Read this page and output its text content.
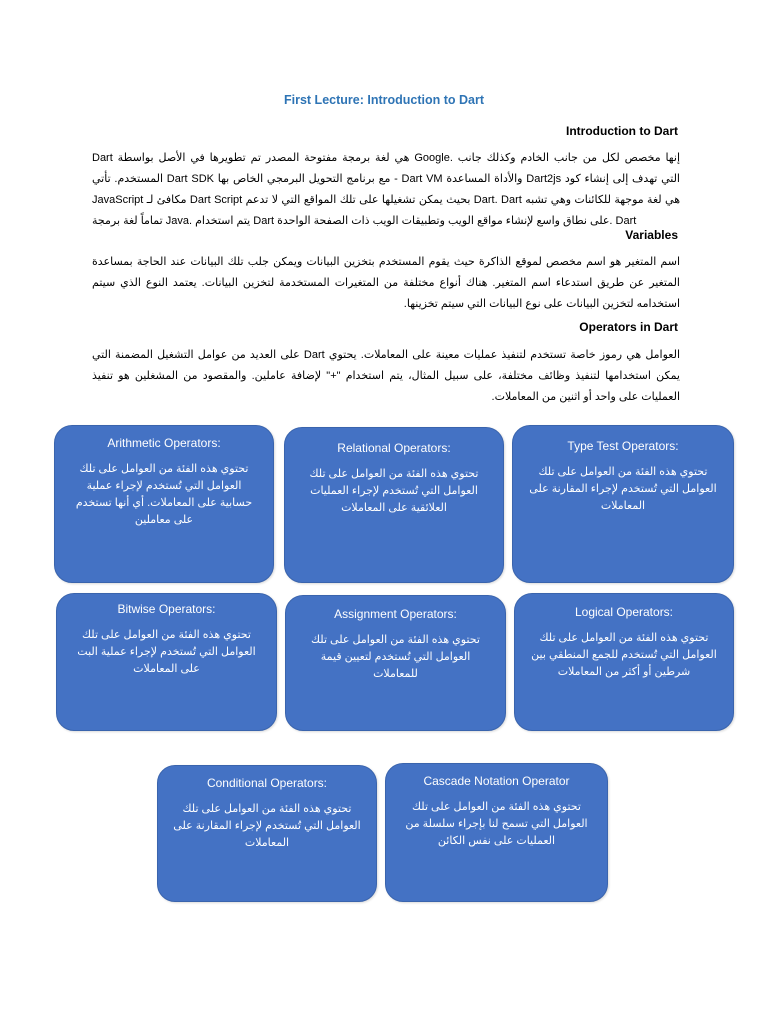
First Lecture: Introduction to Dart
Introduction to Dart
Dart هي لغة برمجة مفتوحة المصدر تم تطويرها في الأصل بواسطة Google. إنها مخصص لكل من جانب الخادم وكذلك جانب المستخدم. تأتي Dart SDK مع برنامج التحويل البرمجي الخاص بها - Dart VM والأداة المساعدة Dart2js التي تهدف إلى إنشاء كود JavaScript مكافئ لـ Dart Script بحيث يمكن تشغيلها على تلك المواقع التي لا تدعم Dart. Dart هي لغة موجهة للكائنات وهي تشبه تماماً لغة برمجة Java. يتم استخدام Dart على نطاق واسع لإنشاء مواقع الويب وتطبيقات الويب ذات الصفحة الواحدة. Dart
Variables
اسم المتغير هو اسم مخصص لموقع الذاكرة حيث يقوم المستخدم بتخزين البيانات ويمكن جلب تلك البيانات عند الحاجة بمساعدة المتغير عن طريق استدعاء اسم المتغير. هناك أنواع مختلفة من المتغيرات المستخدمة لتخزين البيانات. يعتمد النوع الذي سيتم استخدامه لتخزين البيانات على نوع البيانات التي سيتم تخزينها.
Operators in Dart
العوامل هي رموز خاصة تستخدم لتنفيذ عمليات معينة على المعاملات. يحتوي Dart على العديد من عوامل التشغيل المضمنة التي يمكن استخدامها لتنفيذ وظائف مختلفة، على سبيل المثال، يتم استخدام "+" لإضافة عاملين. والمقصود من المشغلين هو تنفيذ العمليات على واحد أو اثنين من المعاملات.
Arithmetic Operators:
تحتوي هذه الفئة من العوامل على تلك العوامل التي تُستخدم لإجراء عملية حسابية على المعاملات. أي أنها تستخدم على معاملين
Relational Operators:
تحتوي هذه الفئة من العوامل على تلك العوامل التي تُستخدم لإجراء العمليات العلائقية على المعاملات
Type Test Operators:
تحتوي هذه الفئة من العوامل على تلك العوامل التي تُستخدم لإجراء المقارنة على المعاملات
Bitwise Operators:
تحتوي هذه الفئة من العوامل على تلك العوامل التي تُستخدم لإجراء عملية البت على المعاملات
Assignment Operators:
تحتوي هذه الفئة من العوامل على تلك العوامل التي تُستخدم لتعيين قيمة للمعاملات
Logical Operators:
تحتوي هذه الفئة من العوامل على تلك العوامل التي تُستخدم للجمع المنطقي بين شرطين أو أكثر من المعاملات
Conditional Operators:
تحتوي هذه الفئة من العوامل على تلك العوامل التي تُستخدم لإجراء المقارنة على المعاملات
Cascade Notation Operator
تحتوي هذه الفئة من العوامل على تلك العوامل التي تسمح لنا بإجراء سلسلة من العمليات على نفس الكائن
